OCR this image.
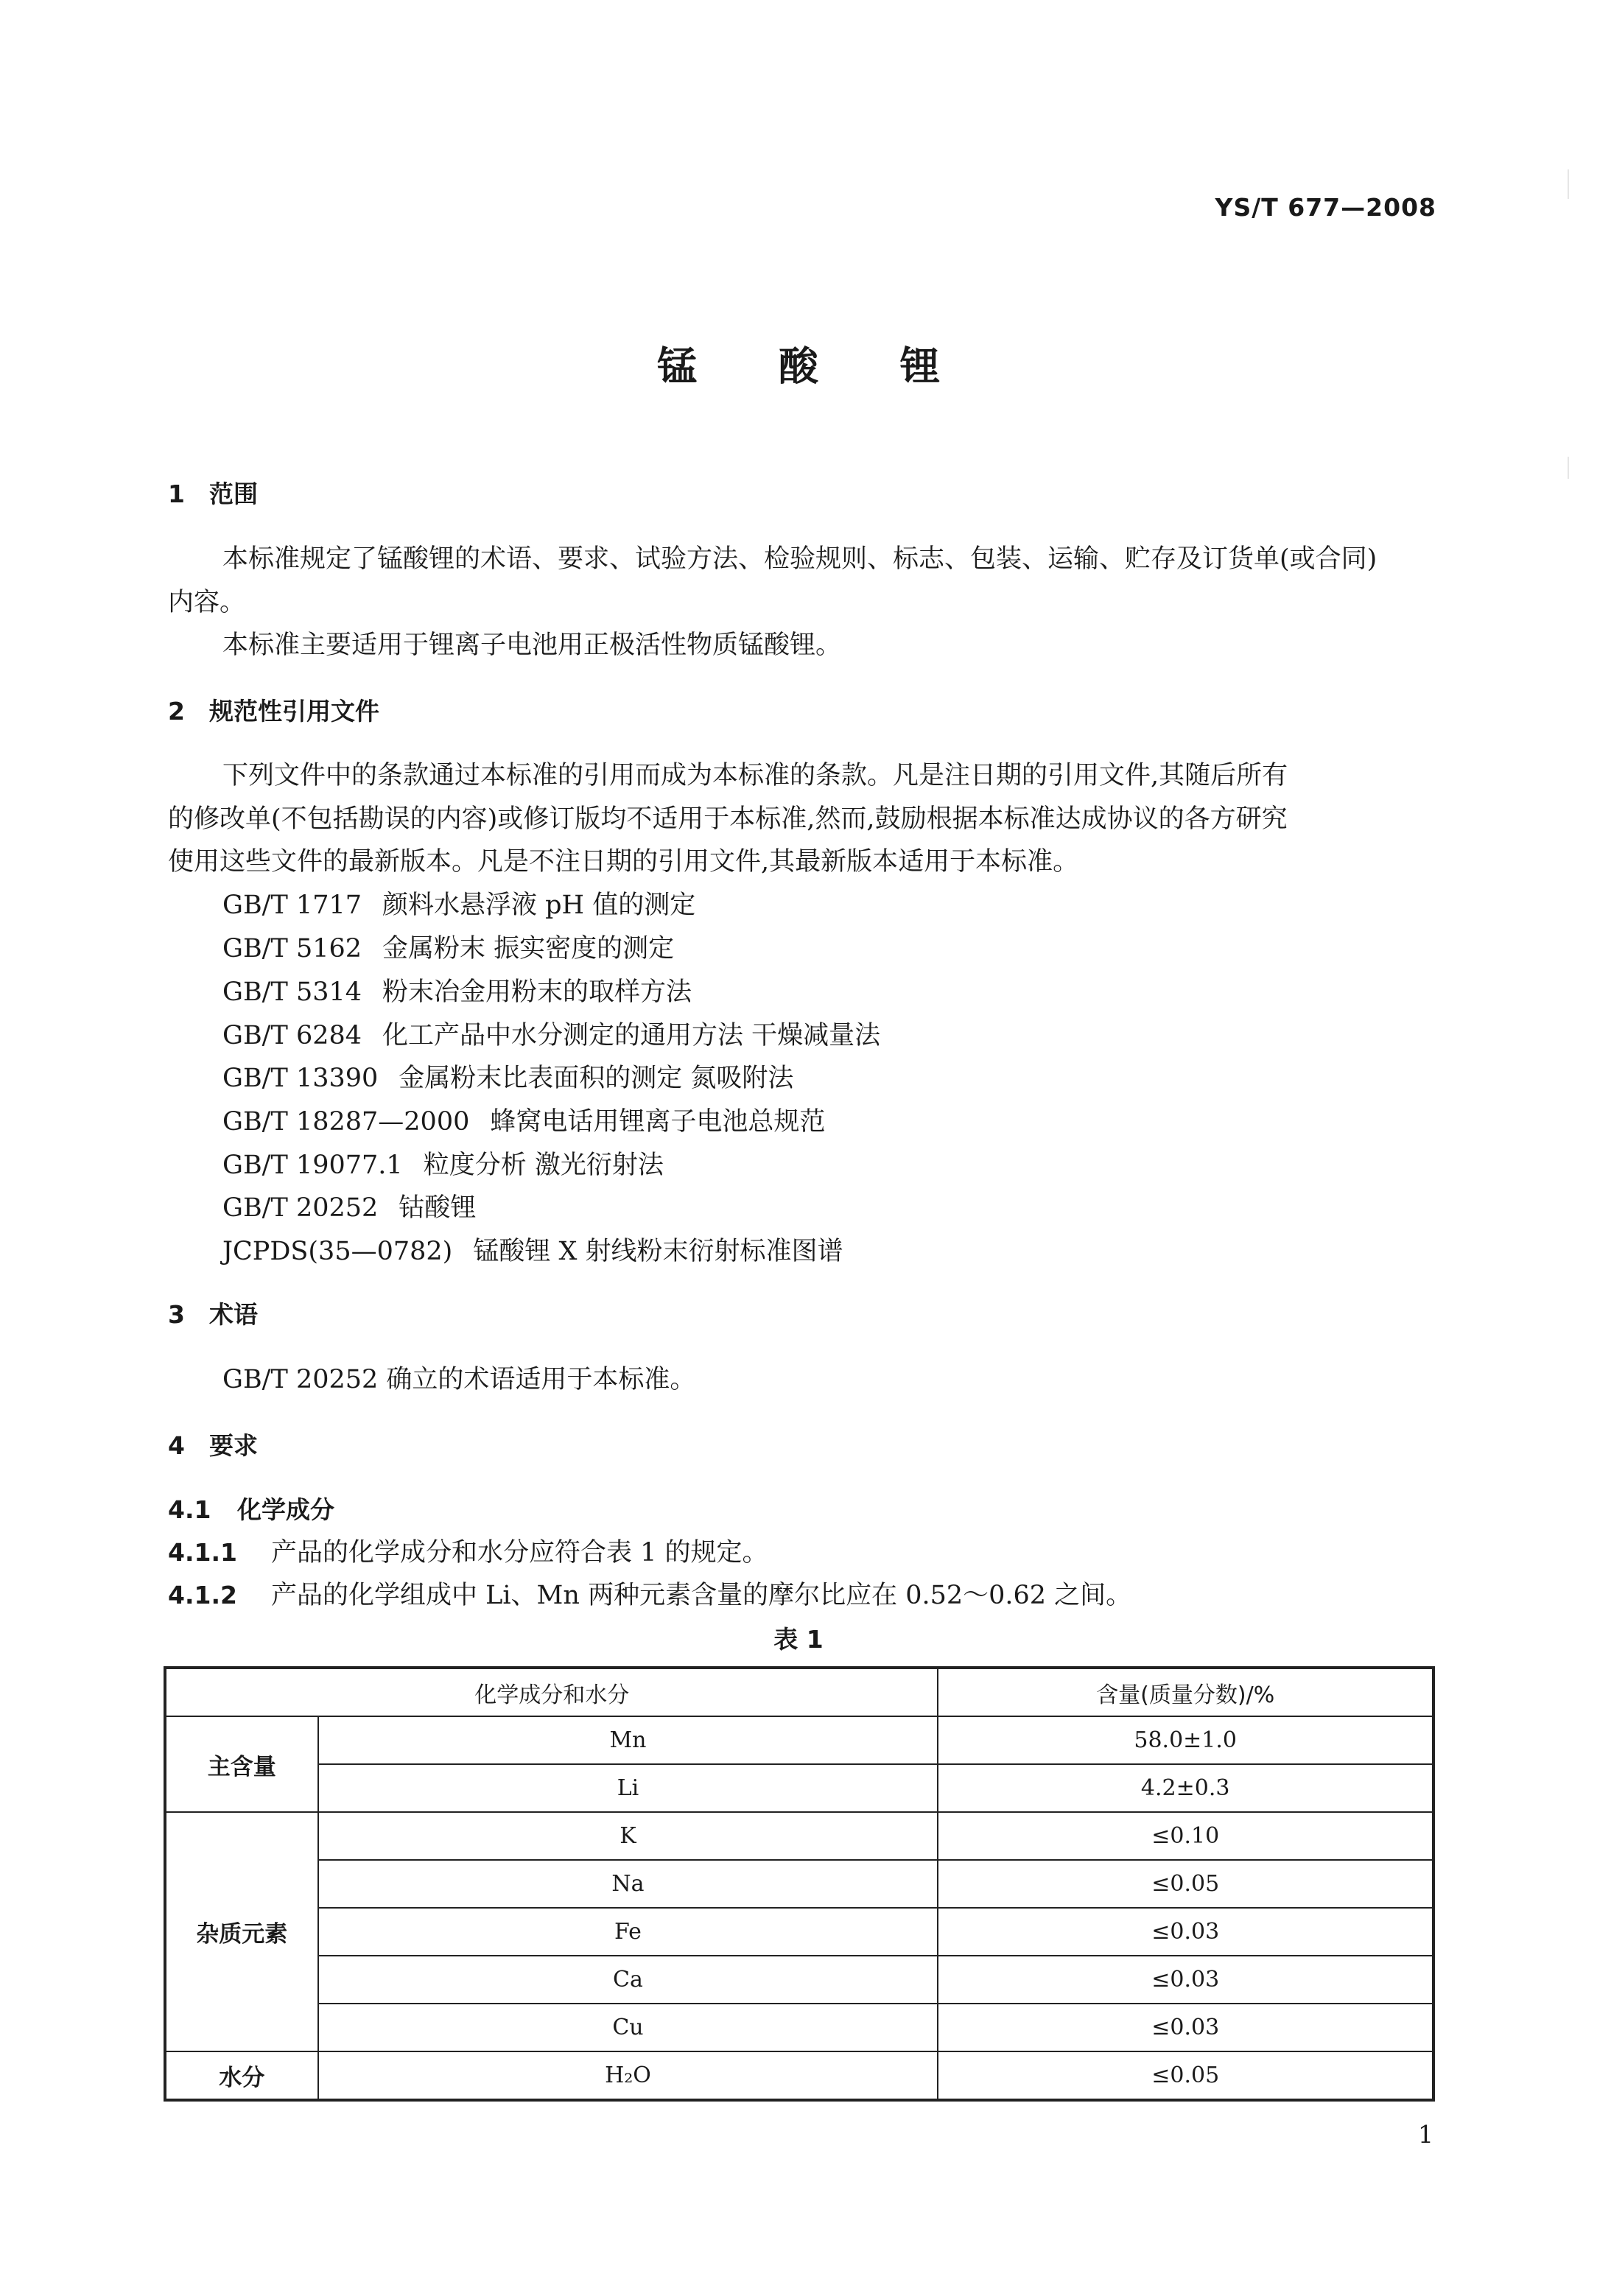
YS/T 677—2008
锰 酸 锂
1 范围
本标准规定了锰酸锂的术语、要求、试验方法、检验规则、标志、包装、运输、贮存及订货单(或合同)
内容。
本标准主要适用于锂离子电池用正极活性物质锰酸锂。
2 规范性引用文件
下列文件中的条款通过本标准的引用而成为本标准的条款。凡是注日期的引用文件,其随后所有
的修改单(不包括勘误的内容)或修订版均不适用于本标准,然而,鼓励根据本标准达成协议的各方研究
使用这些文件的最新版本。凡是不注日期的引用文件,其最新版本适用于本标准。
GB/T 1717 颜料水悬浮液 pH 值的测定
GB/T 5162 金属粉末 振实密度的测定
GB/T 5314 粉末冶金用粉末的取样方法
GB/T 6284 化工产品中水分测定的通用方法 干燥减量法
GB/T 13390 金属粉末比表面积的测定 氮吸附法
GB/T 18287—2000 蜂窝电话用锂离子电池总规范
GB/T 19077.1 粒度分析 激光衍射法
GB/T 20252 钴酸锂
JCPDS(35—0782) 锰酸锂 X 射线粉末衍射标准图谱
3 术语
GB/T 20252 确立的术语适用于本标准。
4 要求
4.1 化学成分
4.1.1 产品的化学成分和水分应符合表 1 的规定。
4.1.2 产品的化学组成中 Li、Mn 两种元素含量的摩尔比应在 0.52～0.62 之间。
表 1
化学成分和水分		含量(质量分数)/%
主含量	Mn	58.0±1.0
	Li	4.2±0.3
杂质元素	K	≤0.10
	Na	≤0.05
	Fe	≤0.03
	Ca	≤0.03
	Cu	≤0.03
水分	H₂O	≤0.05
1
